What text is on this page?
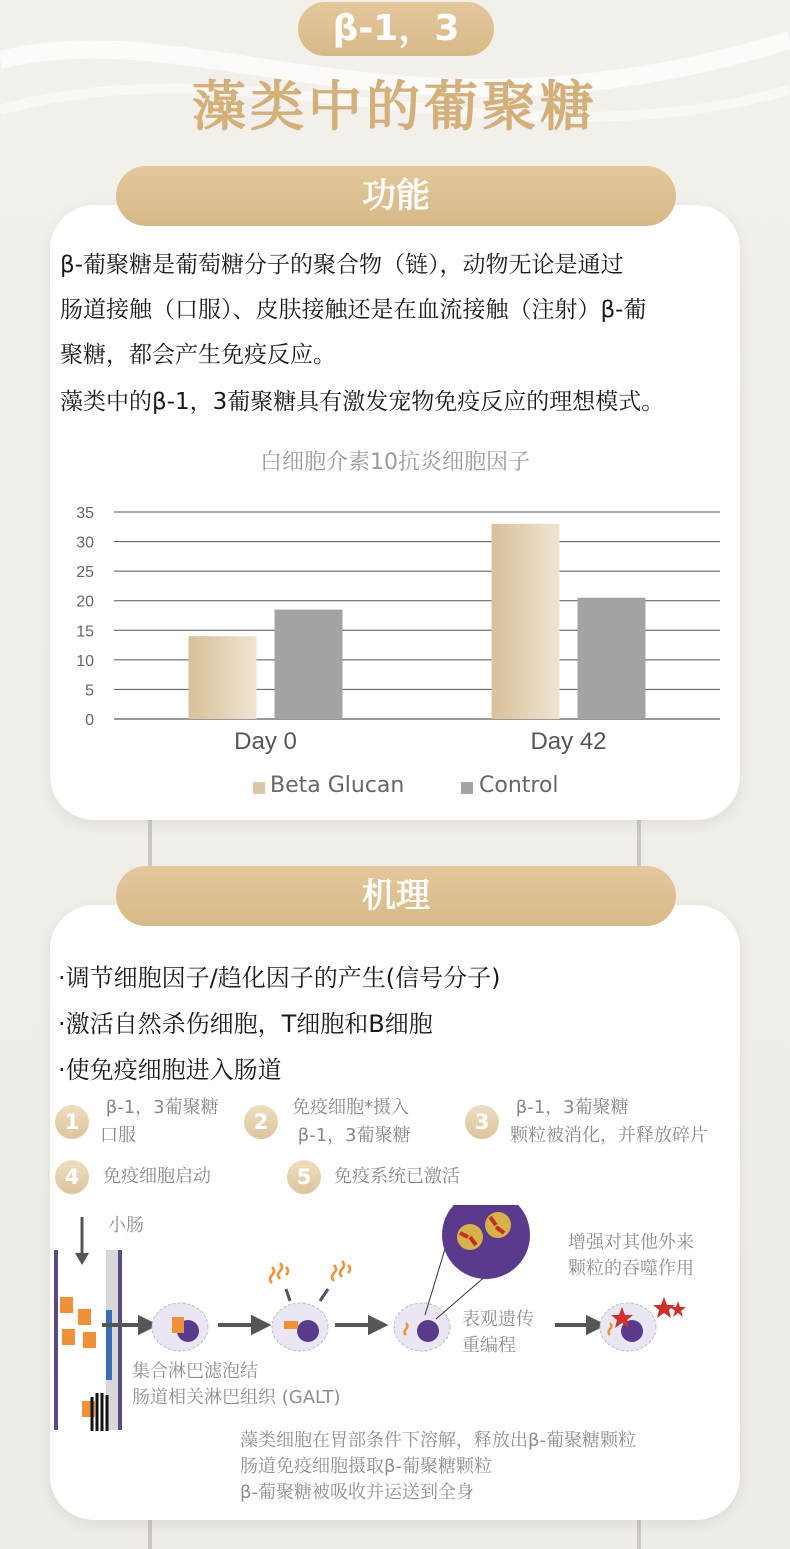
β-1，3
藻类中的葡聚糖
功能
β-葡聚糖是葡萄糖分子的聚合物（链），动物无论是通过
肠道接触（口服）、皮肤接触还是在血流接触（注射）β-葡
聚糖，都会产生免疫反应。
藻类中的β-1，3葡聚糖具有激发宠物免疫反应的理想模式。
白细胞介素10抗炎细胞因子
0
5
10
15
20
25
30
35
Day 0	Day 42
Beta Glucan	Control
机理
·调节细胞因子/趋化因子的产生(信号分子)
·激活自然杀伤细胞，T细胞和B细胞
·使免疫细胞进入肠道
1
β-1，3葡聚糖
口服
2
免疫细胞*摄入
β-1，3葡聚糖
3
β-1，3葡聚糖
颗粒被消化，并释放碎片
4	免疫细胞启动	5	免疫系统已激活
小肠
增强对其他外来
颗粒的吞噬作用
表观遗传
重编程
集合淋巴滤泡结
肠道相关淋巴组织 (GALT)
藻类细胞在胃部条件下溶解，释放出β-葡聚糖颗粒
肠道免疫细胞摄取β-葡聚糖颗粒
β-葡聚糖被吸收并运送到全身
